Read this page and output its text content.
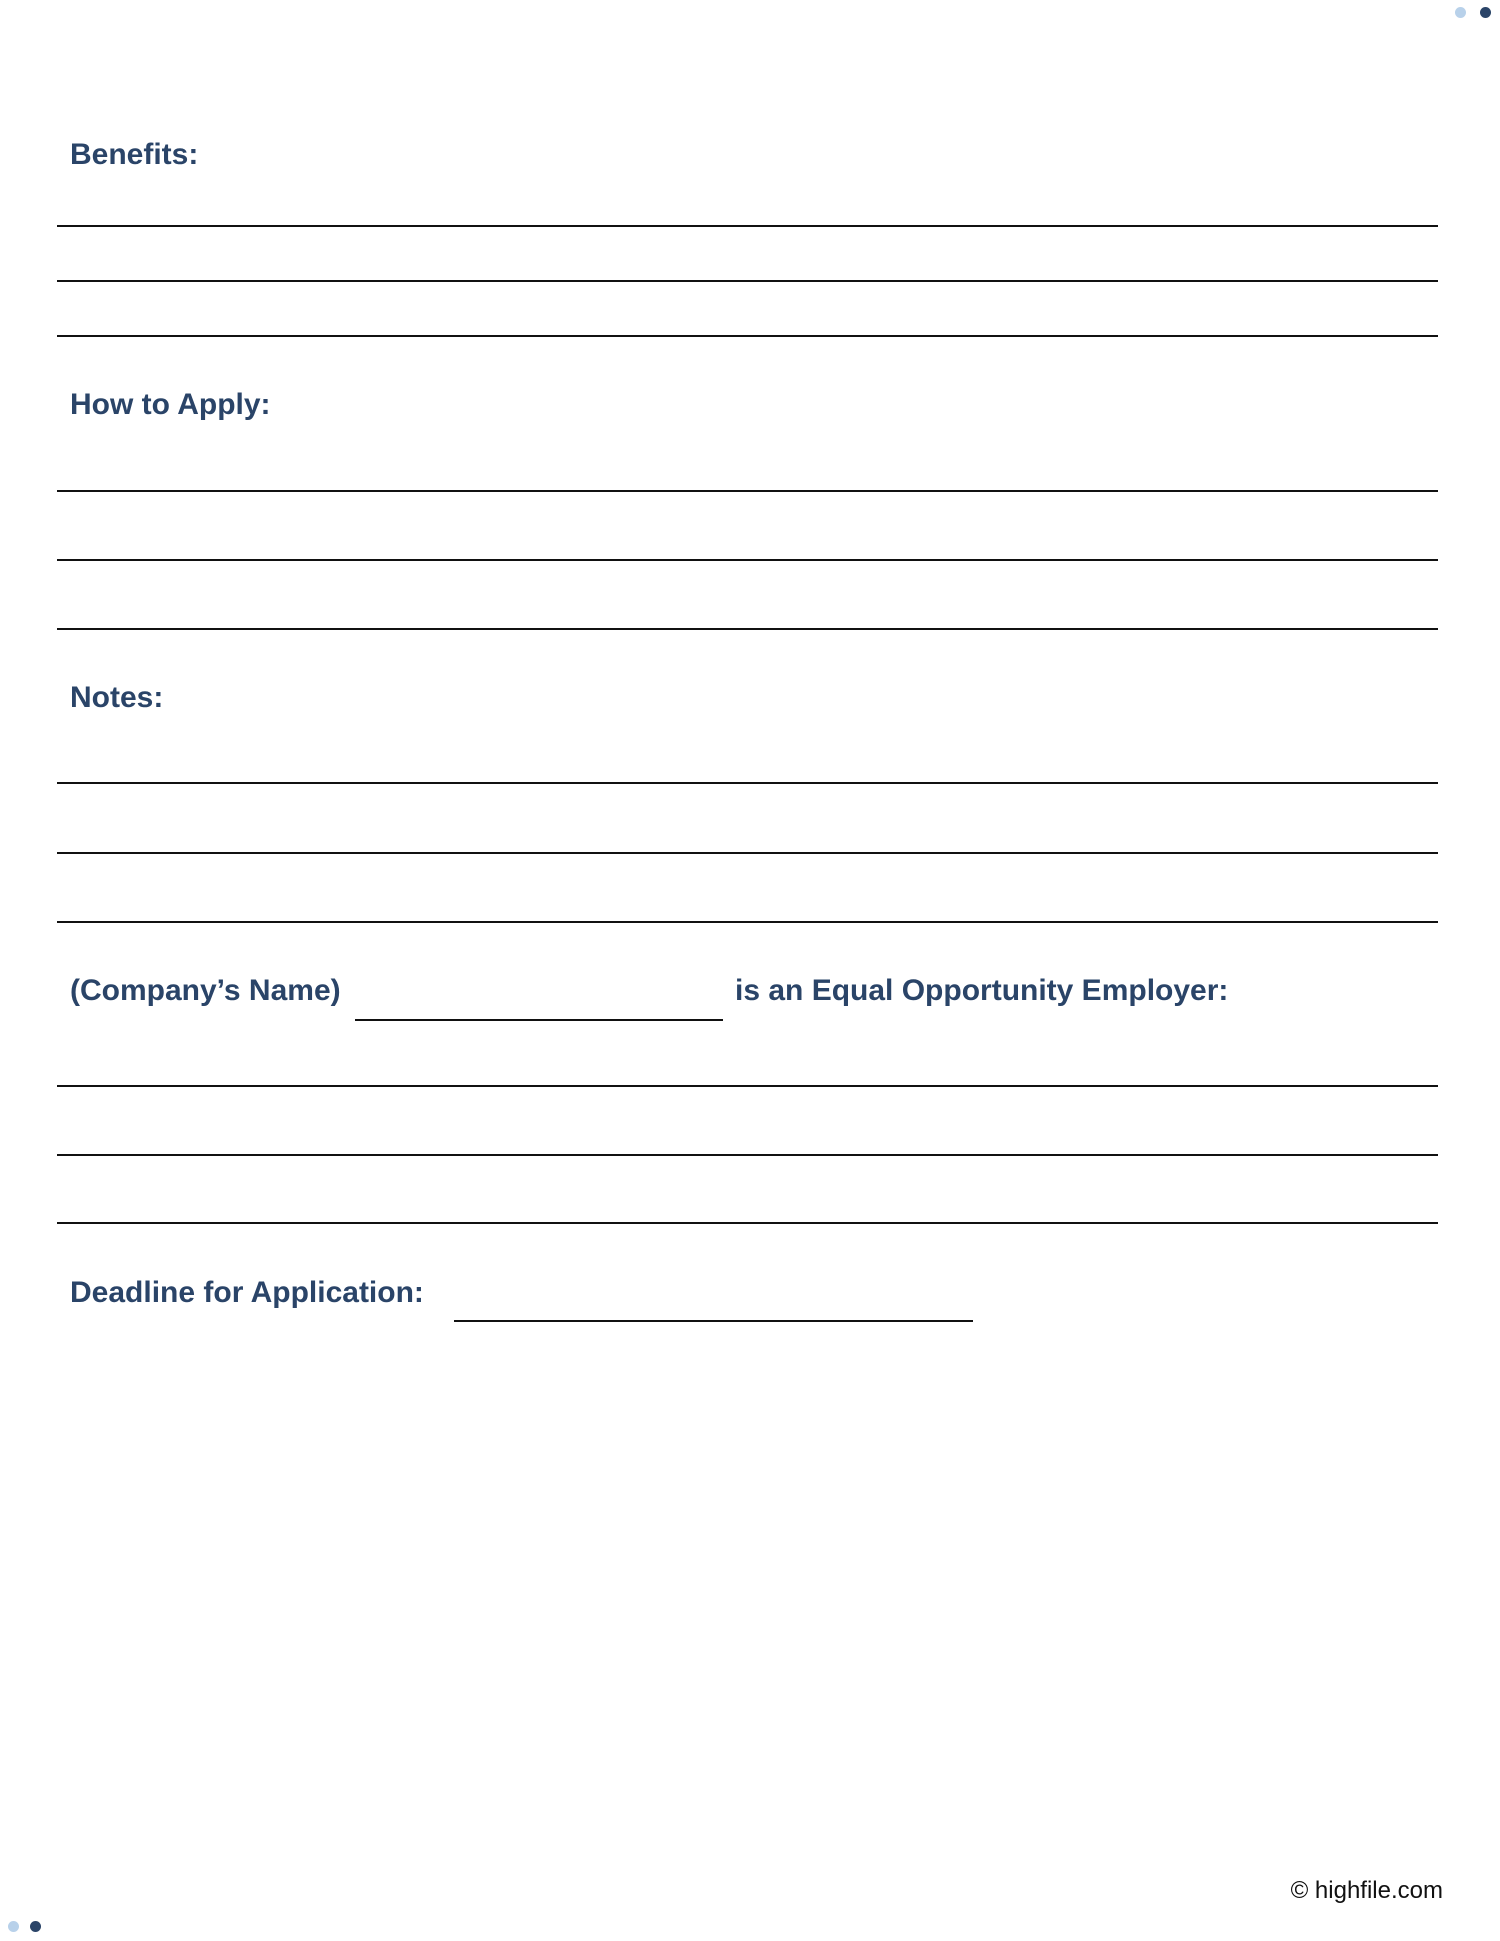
Benefits:
How to Apply:
Notes:
(Company’s Name)	is an Equal Opportunity Employer:
Deadline for Application:
© highfile.com
